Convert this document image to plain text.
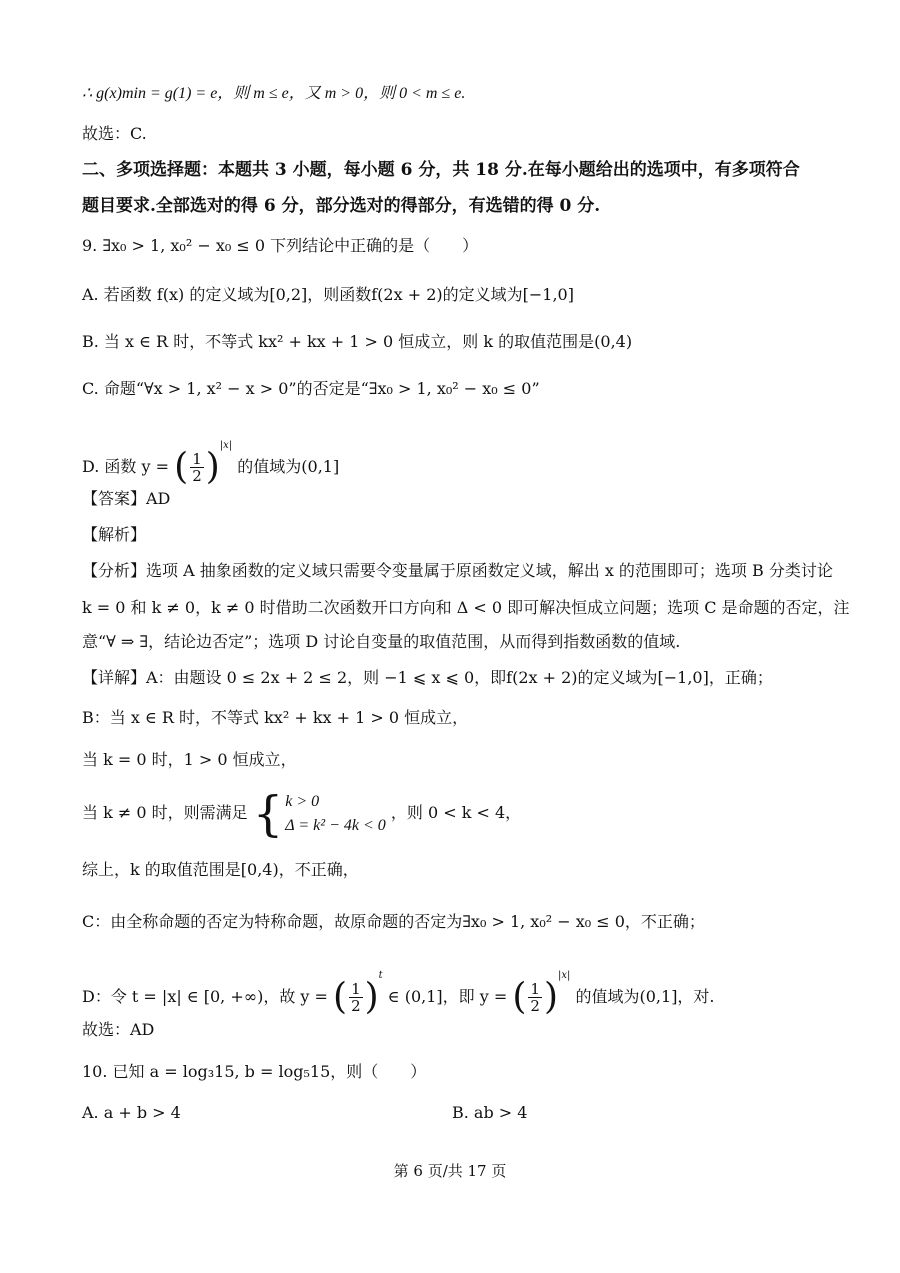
∴ g(x)min = g(1) = e，则 m ≤ e，又 m > 0，则 0 < m ≤ e.
故选：C.
二、多项选择题：本题共 3 小题，每小题 6 分，共 18 分.在每小题给出的选项中，有多项符合
题目要求.全部选对的得 6 分，部分选对的得部分，有选错的得 0 分.
9. ∃x₀ > 1, x₀² − x₀ ≤ 0 下列结论中正确的是（　　）
A. 若函数 f(x) 的定义域为[0,2]，则函数f(2x + 2)的定义域为[−1,0]
B. 当 x ∈ R 时，不等式 kx² + kx + 1 > 0 恒成立，则 k 的取值范围是(0,4)
C. 命题“∀x > 1, x² − x > 0”的否定是“∃x₀ > 1, x₀² − x₀ ≤ 0”
D. 函数 y = ( $\frac{1}{2} )^{|x|}$ 的值域为(0,1]
【答案】AD
【解析】
【分析】选项 A 抽象函数的定义域只需要令变量属于原函数定义域，解出 x 的范围即可；选项 B 分类讨论
k = 0 和 k ≠ 0，k ≠ 0 时借助二次函数开口方向和 Δ < 0 即可解决恒成立问题；选项 C 是命题的否定，注
意“∀ ⇒ ∃，结论边否定”；选项 D 讨论自变量的取值范围，从而得到指数函数的值域.
【详解】A：由题设 0 ≤ 2x + 2 ≤ 2，则 −1 ⩽ x ⩽ 0，即f(2x + 2)的定义域为[−1,0]，正确；
B：当 x ∈ R 时，不等式 kx² + kx + 1 > 0 恒成立，
当 k = 0 时，1 > 0 恒成立，
当 k ≠ 0 时，则需满足 { k > 0
Δ = k² − 4k < 0
，则 0 < k < 4，
综上，k 的取值范围是[0,4)，不正确，
C：由全称命题的否定为特称命题，故原命题的否定为∃x₀ > 1, x₀² − x₀ ≤ 0，不正确；
D：令 t = |x| ∈ [0, +∞)，故 y = ( $\frac{1}{2} )^t$ ∈ (0,1]，即 y = ( $\frac{1}{2} )^{|x|}$ 的值域为(0,1]，对.
故选：AD
10. 已知 a = log₃15, b = log₅15，则（　　）
A. a + b > 4	B. ab > 4
第 6 页/共 17 页
